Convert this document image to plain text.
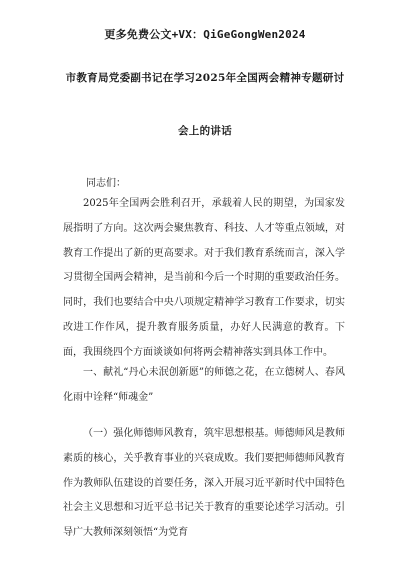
更多免费公文+VX：QiGeGongWen2024
市教育局党委副书记在学习2025年全国两会精神专题研讨
会上的讲话
同志们：

2025年全国两会胜利召开，承载着人民的期望，为国家发展指明了方向。这次两会聚焦教育、科技、人才等重点领域，对教育工作提出了新的更高要求。对于我们教育系统而言，深入学习贯彻全国两会精神，是当前和今后一个时期的重要政治任务。同时，我们也要结合中央八项规定精神学习教育工作要求，切实改进工作作风，提升教育服务质量，办好人民满意的教育。下面，我围绕四个方面谈谈如何将两会精神落实到具体工作中。

一、献礼“丹心未泯创新愿”的师德之花，在立德树人、春风化雨中诠释“师魂金”

（一）强化师德师风教育，筑牢思想根基。师德师风是教师素质的核心，关乎教育事业的兴衰成败。我们要把师德师风教育作为教师队伍建设的首要任务，深入开展习近平新时代中国特色社会主义思想和习近平总书记关于教育的重要论述学习活动。引导广大教师深刻领悟“为党育
